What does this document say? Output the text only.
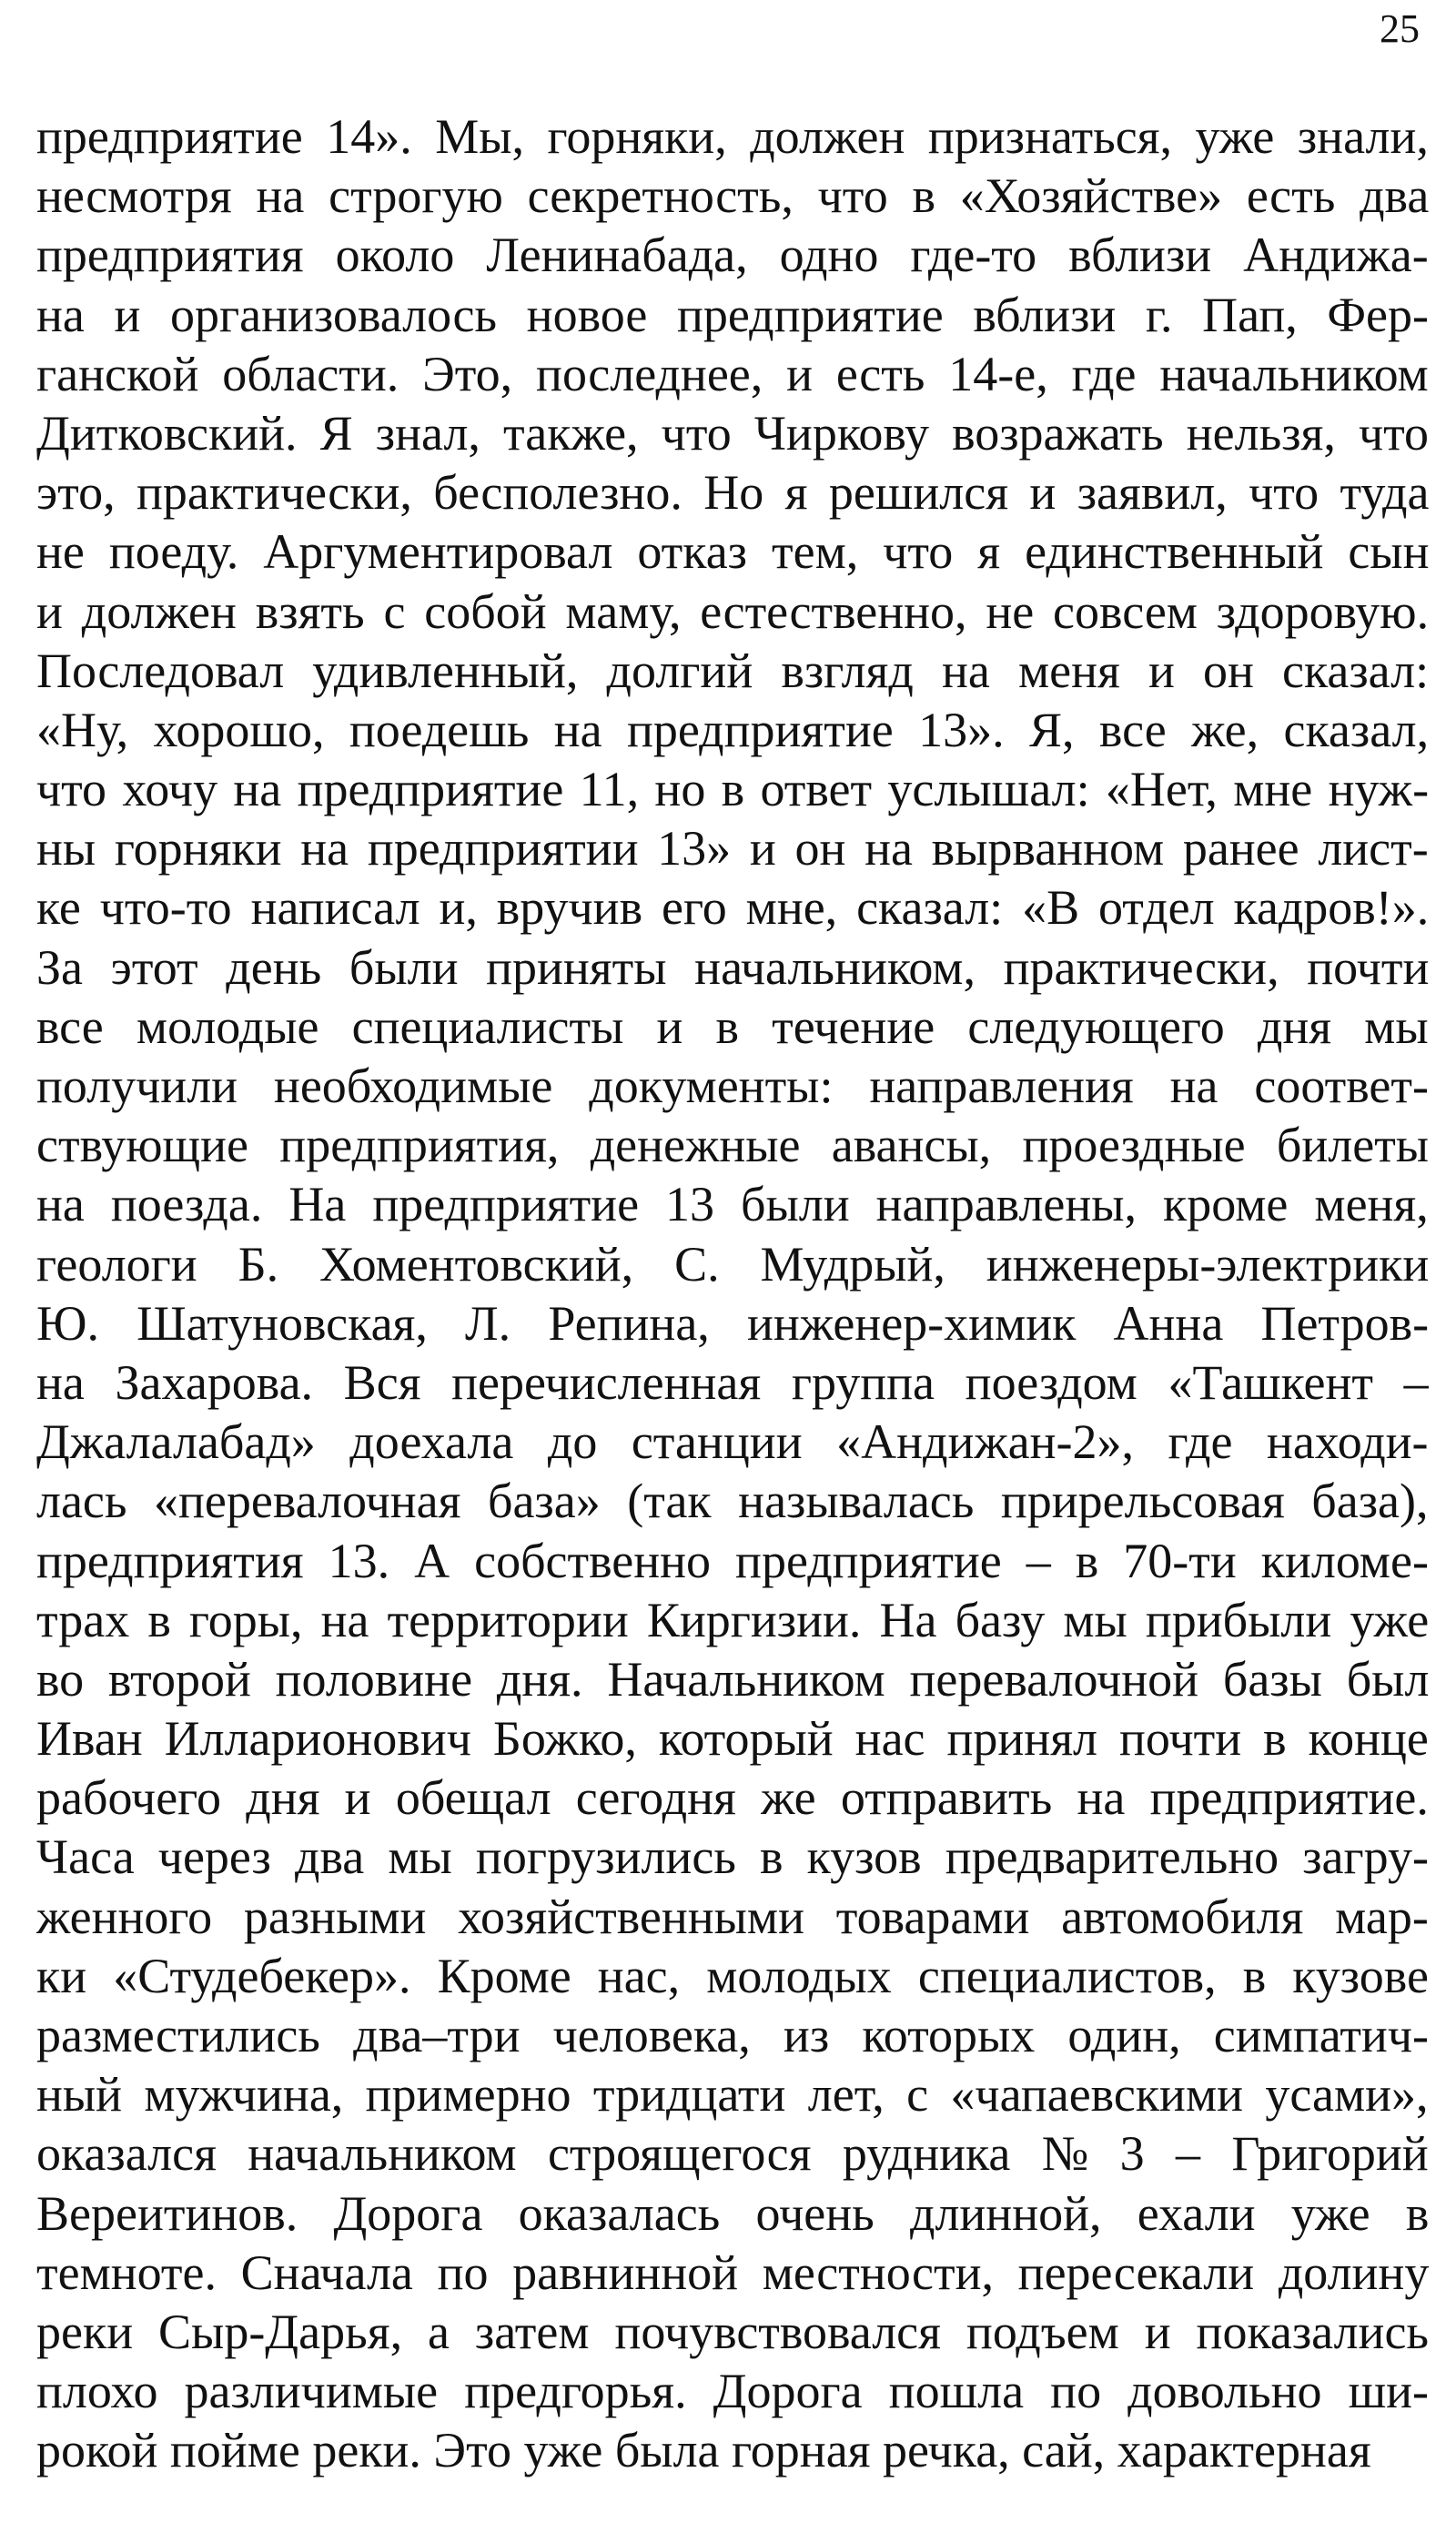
25
предприятие 14». Мы, горняки, должен признаться, уже знали,
несмотря на строгую секретность, что в «Хозяйстве» есть два
предприятия около Ленинабада, одно где-то вблизи Андижа-
на и организовалось новое предприятие вблизи г. Пап, Фер-
ганской области. Это, последнее, и есть 14-е, где начальником
Дитковский. Я знал, также, что Чиркову возражать нельзя, что
это, практически, бесполезно. Но я решился и заявил, что туда
не поеду. Аргументировал отказ тем, что я единственный сын
и должен взять с собой маму, естественно, не совсем здоровую.
Последовал удивленный, долгий взгляд на меня и он сказал:
«Ну, хорошо, поедешь на предприятие 13». Я, все же, сказал,
что хочу на предприятие 11, но в ответ услышал: «Нет, мне нуж-
ны горняки на предприятии 13» и он на вырванном ранее лист-
ке что-то написал и, вручив его мне, сказал: «В отдел кадров!».
За этот день были приняты начальником, практически, почти
все молодые специалисты и в течение следующего дня мы
получили необходимые документы: направления на соответ-
ствующие предприятия, денежные авансы, проездные билеты
на поезда. На предприятие 13 были направлены, кроме меня,
геологи Б. Хоментовский, С. Мудрый, инженеры-электрики
Ю. Шатуновская, Л. Репина, инженер-химик Анна Петров-
на Захарова. Вся перечисленная группа поездом «Ташкент –
Джалалабад» доехала до станции «Андижан-2», где находи-
лась «перевалочная база» (так называлась прирельсовая база),
предприятия 13. А собственно предприятие – в 70-ти киломе-
трах в горы, на территории Киргизии. На базу мы прибыли уже
во второй половине дня. Начальником перевалочной базы был
Иван Илларионович Божко, который нас принял почти в конце
рабочего дня и обещал сегодня же отправить на предприятие.
Часа через два мы погрузились в кузов предварительно загру-
женного разными хозяйственными товарами автомобиля мар-
ки «Студебекер». Кроме нас, молодых специалистов, в кузове
разместились два–три человека, из которых один, симпатич-
ный мужчина, примерно тридцати лет, с «чапаевскими усами»,
оказался начальником строящегося рудника № 3 – Григорий
Вереитинов. Дорога оказалась очень длинной, ехали уже в
темноте. Сначала по равнинной местности, пересекали долину
реки Сыр-Дарья, а затем почувствовался подъем и показались
плохо различимые предгорья. Дорога пошла по довольно ши-
рокой пойме реки. Это уже была горная речка, сай, характерная
